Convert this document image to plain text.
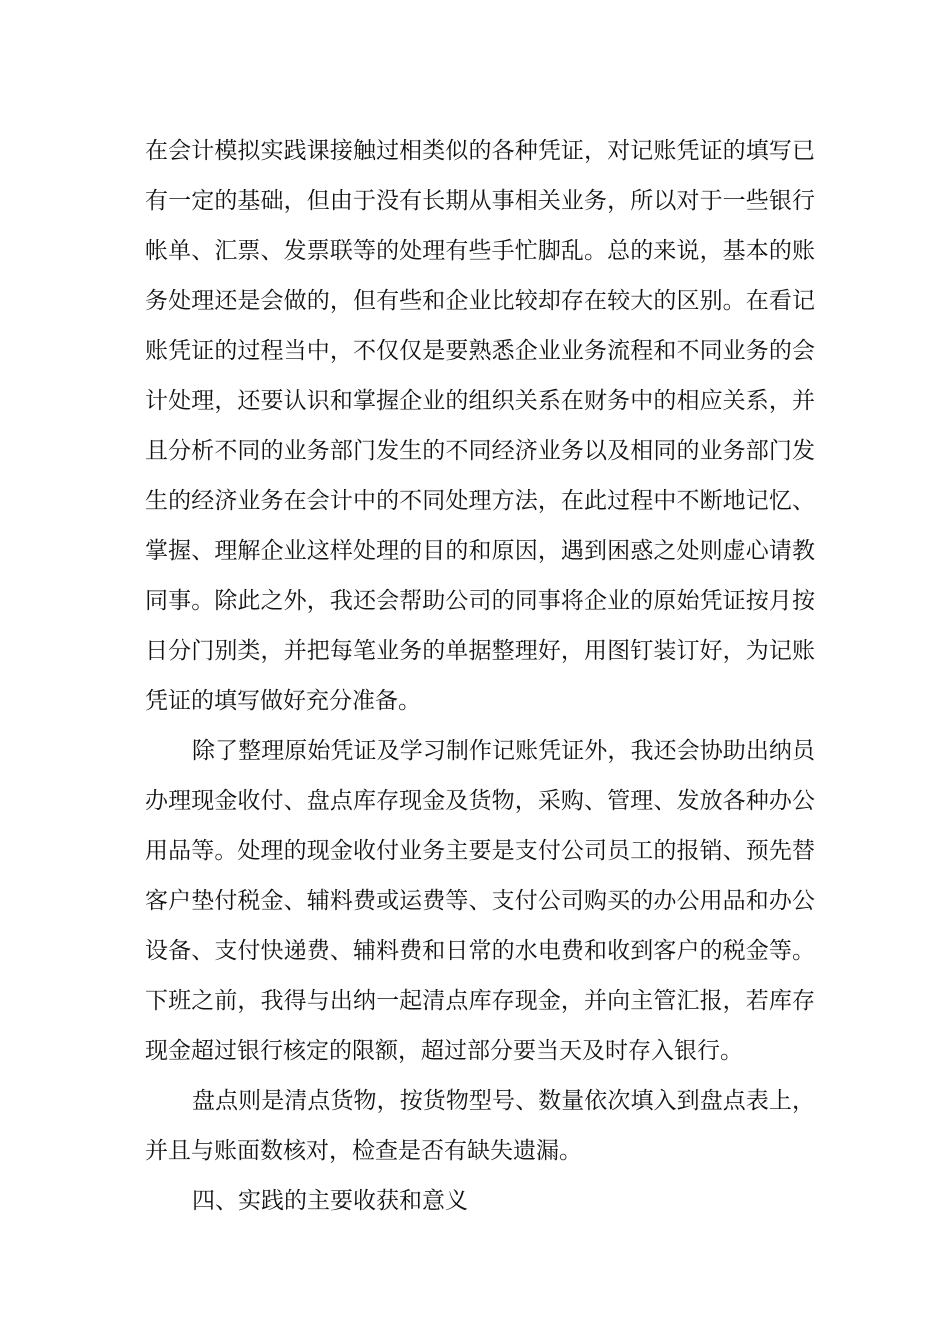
在会计模拟实践课接触过相类似的各种凭证，对记账凭证的填写已
有一定的基础，但由于没有长期从事相关业务，所以对于一些银行
帐单、汇票、发票联等的处理有些手忙脚乱。总的来说，基本的账
务处理还是会做的，但有些和企业比较却存在较大的区别。在看记
账凭证的过程当中，不仅仅是要熟悉企业业务流程和不同业务的会
计处理，还要认识和掌握企业的组织关系在财务中的相应关系，并
且分析不同的业务部门发生的不同经济业务以及相同的业务部门发
生的经济业务在会计中的不同处理方法，在此过程中不断地记忆、
掌握、理解企业这样处理的目的和原因，遇到困惑之处则虚心请教
同事。除此之外，我还会帮助公司的同事将企业的原始凭证按月按
日分门别类，并把每笔业务的单据整理好，用图钉装订好，为记账
凭证的填写做好充分准备。
除了整理原始凭证及学习制作记账凭证外，我还会协助出纳员
办理现金收付、盘点库存现金及货物，采购、管理、发放各种办公
用品等。处理的现金收付业务主要是支付公司员工的报销、预先替
客户垫付税金、辅料费或运费等、支付公司购买的办公用品和办公
设备、支付快递费、辅料费和日常的水电费和收到客户的税金等。
下班之前，我得与出纳一起清点库存现金，并向主管汇报，若库存
现金超过银行核定的限额，超过部分要当天及时存入银行。
盘点则是清点货物，按货物型号、数量依次填入到盘点表上，
并且与账面数核对，检查是否有缺失遗漏。
四、实践的主要收获和意义
